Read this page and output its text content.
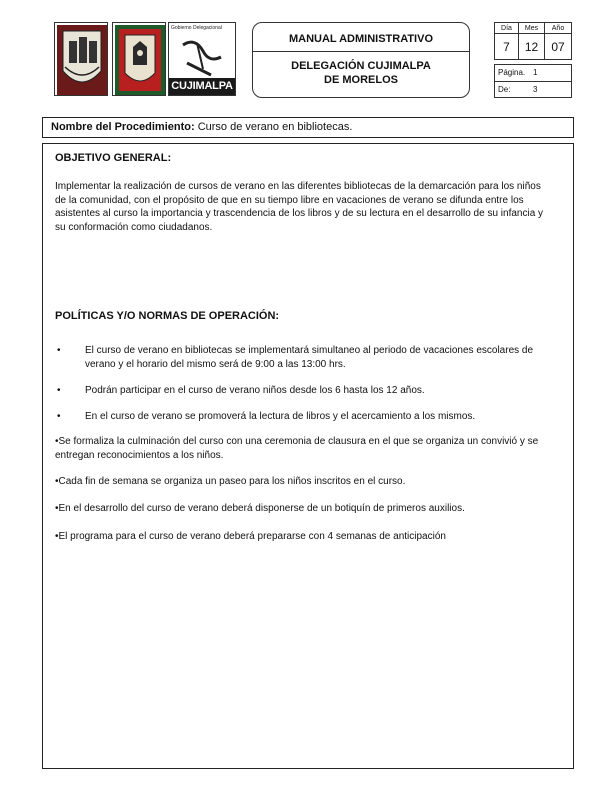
Gobierno Delegacional
CUJIMALPA
MANUAL ADMINISTRATIVO
DELEGACIÓN CUJIMALPA
DE MORELOS
Día
7
Mes
12
Año
07
Página. 1
De:	3
Nombre del Procedimiento: Curso de verano en bibliotecas.
OBJETIVO GENERAL:
Implementar la realización de cursos de verano en las diferentes bibliotecas de la demarcación para los niños de la comunidad, con el propósito de que en su tiempo libre en vacaciones de verano se difunda entre los asistentes al curso la importancia y trascendencia de los libros y de su lectura en el desarrollo de su infancia y su conformación como ciudadanos.
POLÍTICAS Y/O NORMAS DE OPERACIÓN:
• El curso de verano en bibliotecas se implementará simultaneo al periodo de vacaciones escolares de verano y el horario del mismo será de 9:00 a las 13:00 hrs.
• Podrán participar en el curso de verano niños desde los 6 hasta los 12 años.
• En el curso de verano se promoverá la lectura de libros y el acercamiento a los mismos.
•Se formaliza la culminación del curso con una ceremonia de clausura en el que se organiza un convivió y se entregan reconocimientos a los niños.
•Cada fin de semana se organiza un paseo para los niños inscritos en el curso.
•En el desarrollo del curso de verano deberá disponerse de un botiquín de primeros auxilios.
•El programa para el curso de verano deberá prepararse con 4 semanas de anticipación
